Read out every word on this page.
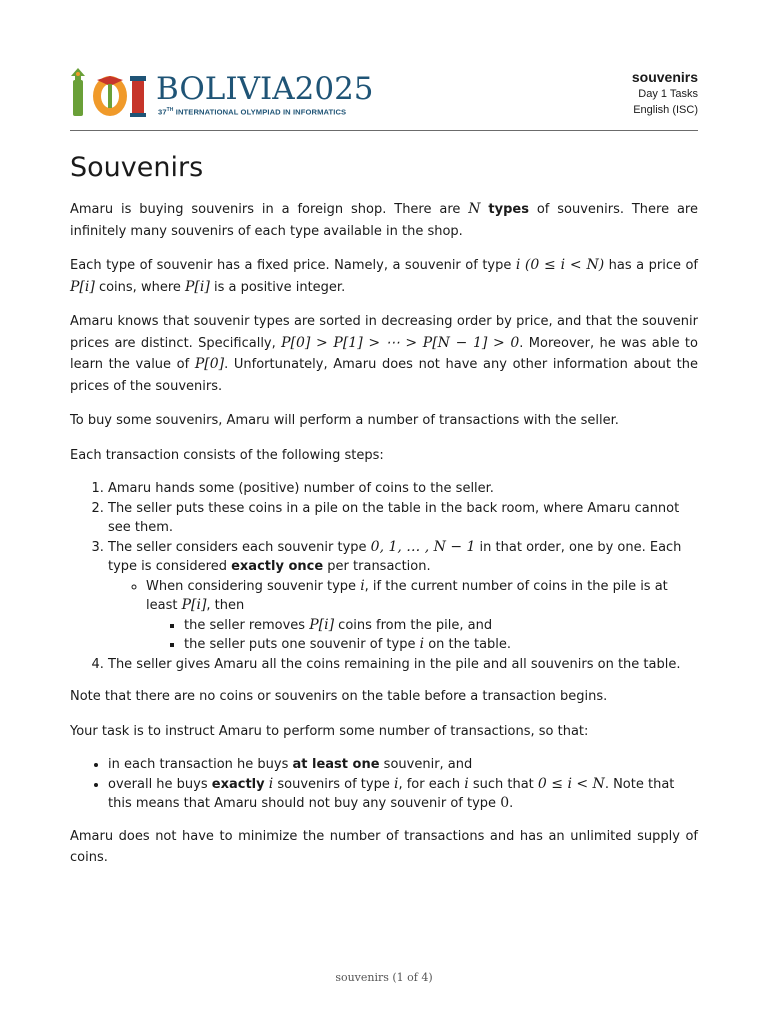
BOLIVIA2025
37TH INTERNATIONAL OLYMPIAD IN INFORMATICS
souvenirs
Day 1 Tasks
English (ISC)
Souvenirs

Amaru is buying souvenirs in a foreign shop. There are N types of souvenirs. There are infinitely many souvenirs of each type available in the shop.

Each type of souvenir has a fixed price. Namely, a souvenir of type i (0 ≤ i < N) has a price of P[i] coins, where P[i] is a positive integer.

Amaru knows that souvenir types are sorted in decreasing order by price, and that the souvenir prices are distinct. Specifically, P[0] > P[1] > ⋯ > P[N − 1] > 0. Moreover, he was able to learn the value of P[0]. Unfortunately, Amaru does not have any other information about the prices of the souvenirs.

To buy some souvenirs, Amaru will perform a number of transactions with the seller.

Each transaction consists of the following steps:

1. Amaru hands some (positive) number of coins to the seller.
2. The seller puts these coins in a pile on the table in the back room, where Amaru cannot see them.
3. The seller considers each souvenir type 0, 1, … , N − 1 in that order, one by one. Each type is considered exactly once per transaction.
◦ When considering souvenir type i, if the current number of coins in the pile is at least P[i], then
▪ the seller removes P[i] coins from the pile, and
▪ the seller puts one souvenir of type i on the table.
4. The seller gives Amaru all the coins remaining in the pile and all souvenirs on the table.

Note that there are no coins or souvenirs on the table before a transaction begins.

Your task is to instruct Amaru to perform some number of transactions, so that:

• in each transaction he buys at least one souvenir, and
• overall he buys exactly i souvenirs of type i, for each i such that 0 ≤ i < N. Note that this means that Amaru should not buy any souvenir of type 0.

Amaru does not have to minimize the number of transactions and has an unlimited supply of coins.

souvenirs (1 of 4)
